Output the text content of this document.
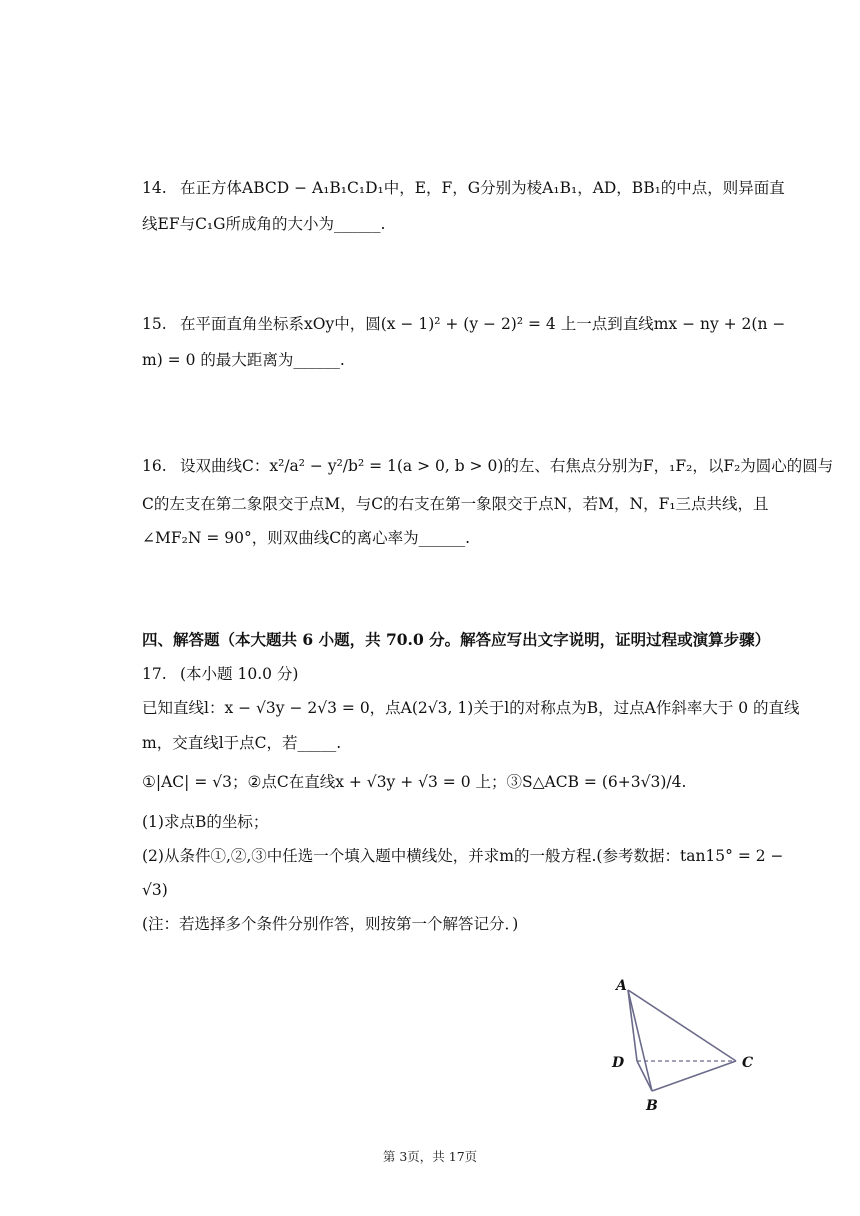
14. 在正方体ABCD − A₁B₁C₁D₁中，E，F，G分别为棱A₁B₁，AD，BB₁的中点，则异面直
线EF与C₁G所成角的大小为______.
15. 在平面直角坐标系xOy中，圆(x − 1)² + (y − 2)² = 4 上一点到直线mx − ny + 2(n −
m) = 0 的最大距离为______.
16. 设双曲线C：x²/a² − y²/b² = 1(a > 0, b > 0)的左、右焦点分别为F，₁F₂，以F₂为圆心的圆与
C的左支在第二象限交于点M，与C的右支在第一象限交于点N，若M，N，F₁三点共线，且
∠MF₂N = 90°，则双曲线C的离心率为______.
四、解答题（本大题共 6 小题，共 70.0 分。解答应写出文字说明，证明过程或演算步骤）
17. (本小题 10.0 分)
已知直线l：x − √3y − 2√3 = 0，点A(2√3, 1)关于l的对称点为B，过点A作斜率大于 0 的直线
m，交直线l于点C，若_____.
①|AC| = √3；②点C在直线x + √3y + √3 = 0 上；③S△ACB = (6+3√3)/4.
(1)求点B的坐标；
(2)从条件①,②,③中任选一个填入题中横线处，并求m的一般方程.(参考数据：tan15° = 2 −
√3)
(注：若选择多个条件分别作答，则按第一个解答记分．)
A
D	C
B
第 3页，共 17页
